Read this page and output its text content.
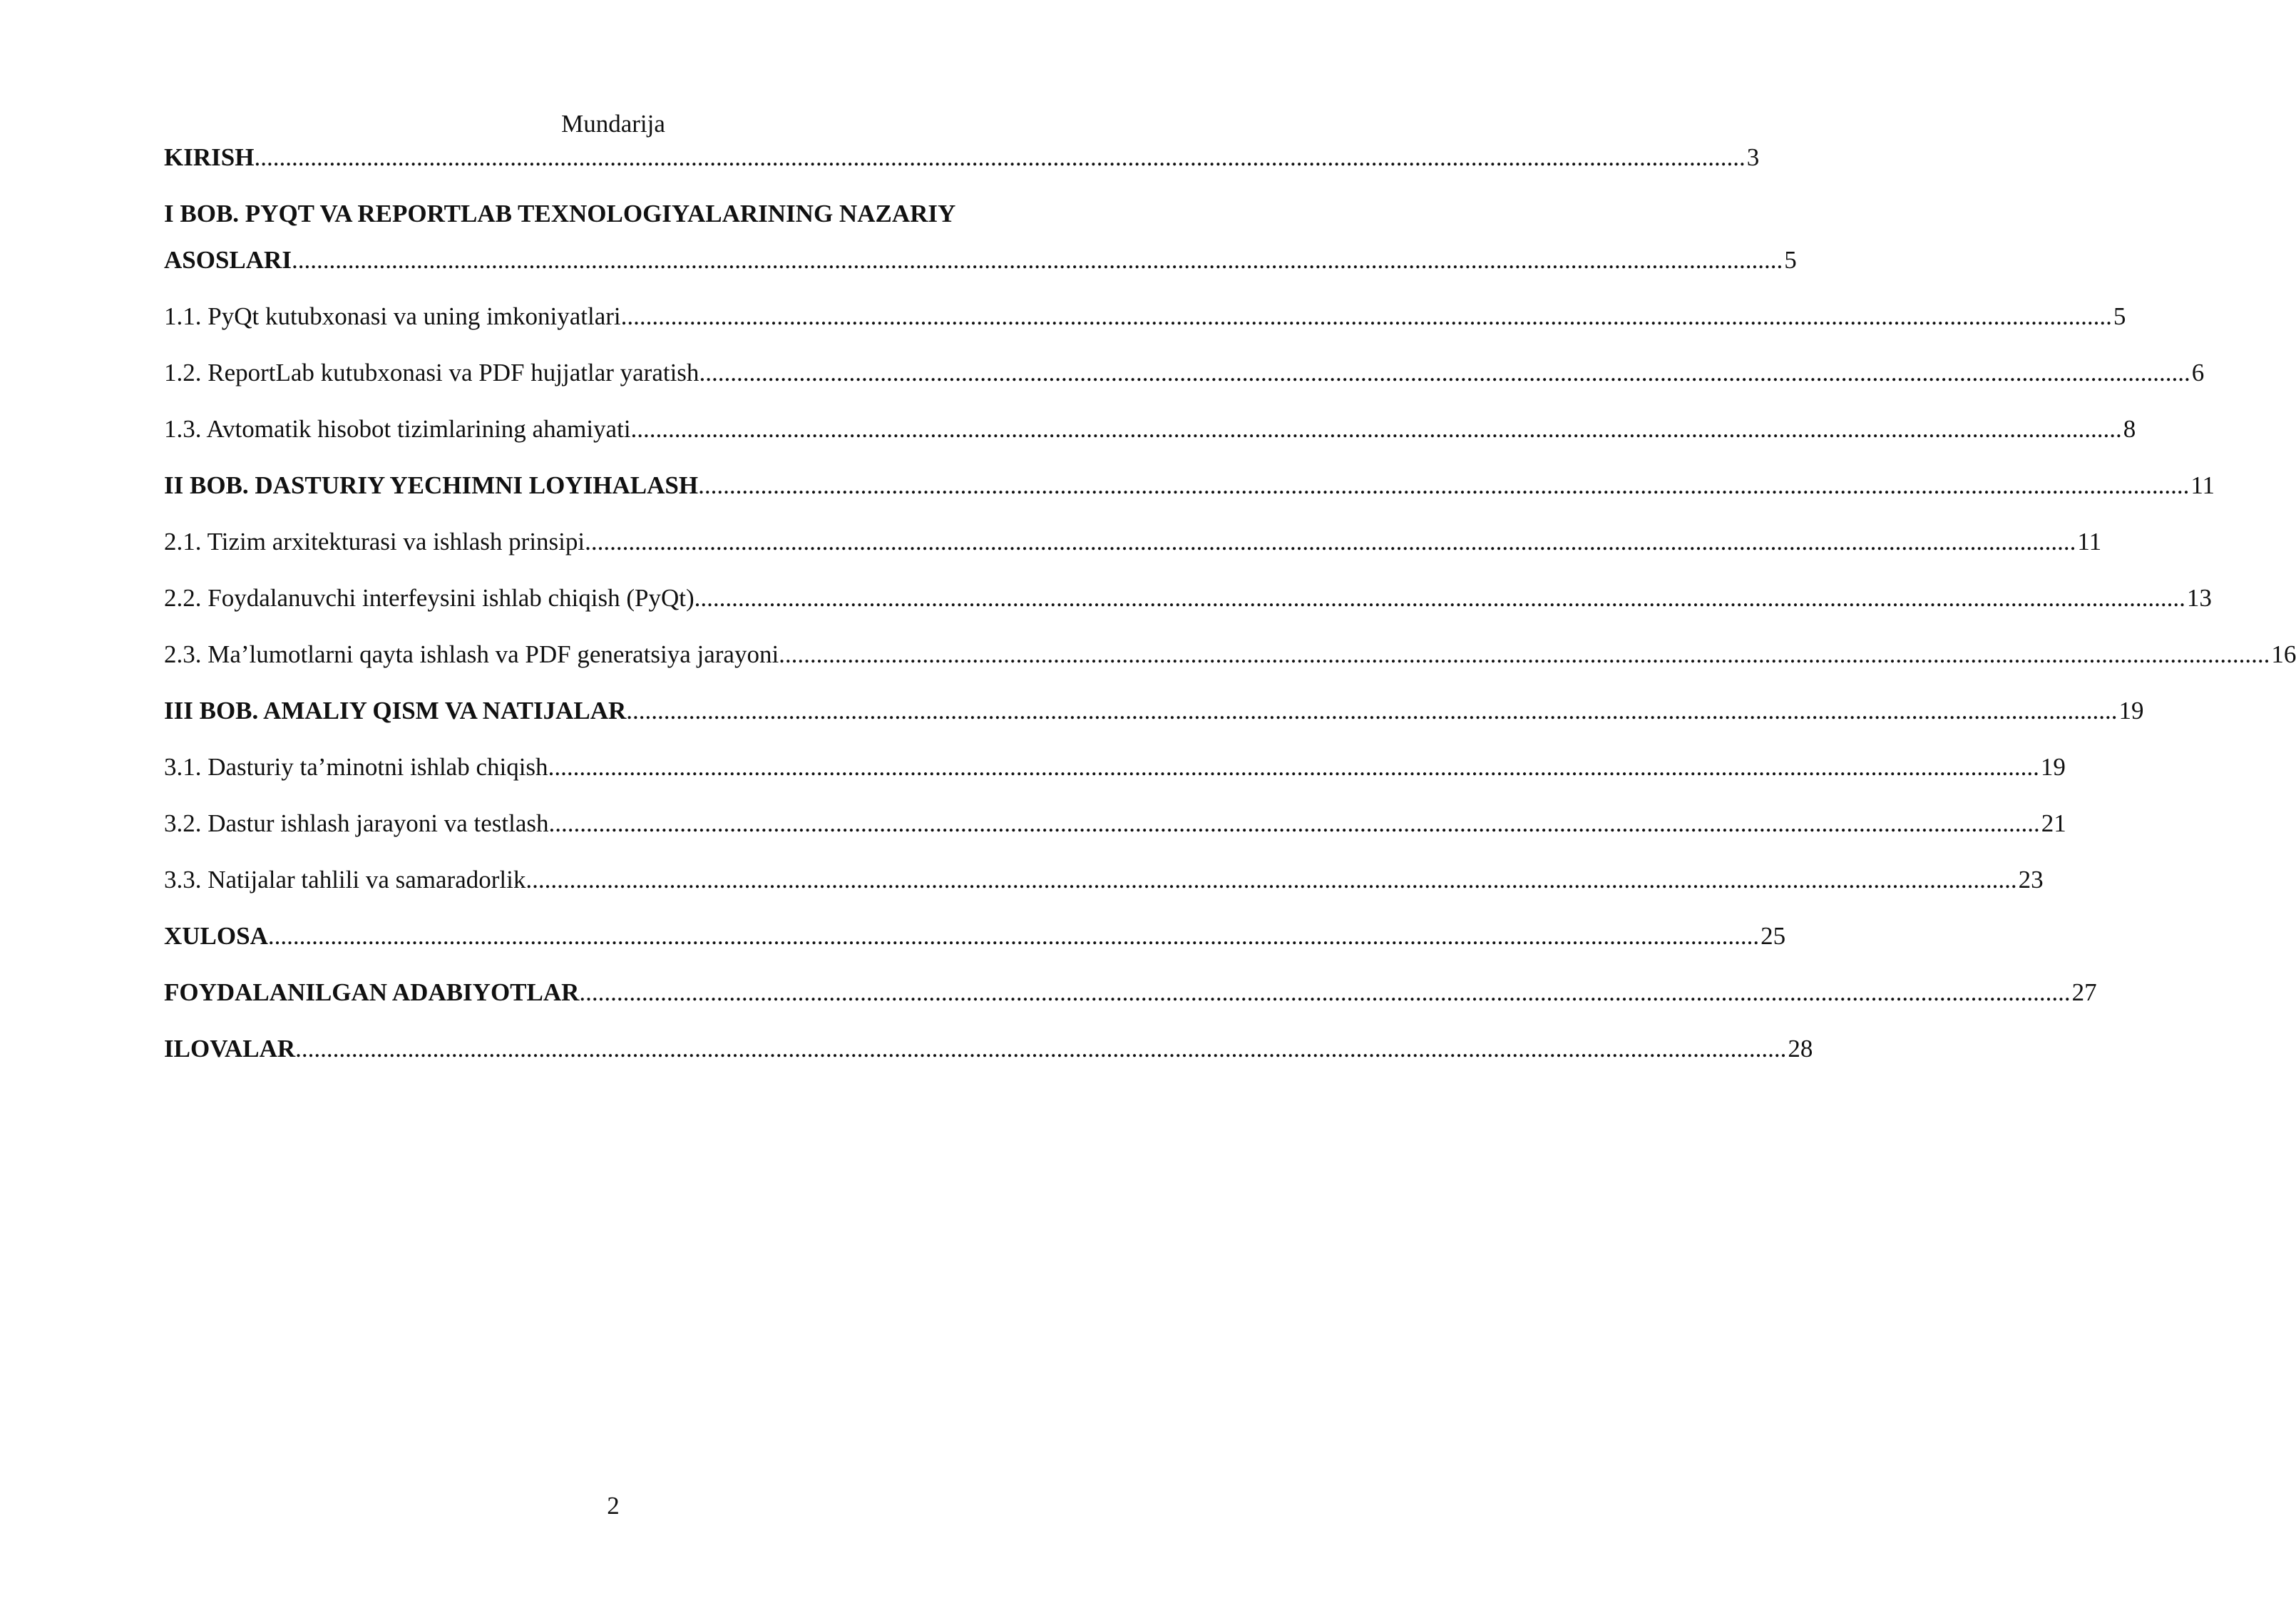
Mundarija
KIRISH ............................................................................................................................................................................................................................................... 3
I BOB. PYQT VA REPORTLAB TEXNOLOGIYALARINING NAZARIY
ASOSLARI ............................................................................................................................................................................................................................................... 5
1.1. PyQt kutubxonasi va uning imkoniyatlari ............................................................................................................................................................................................................................................... 5
1.2. ReportLab kutubxonasi va PDF hujjatlar yaratish ............................................................................................................................................................................................................................................... 6
1.3. Avtomatik hisobot tizimlarining ahamiyati ............................................................................................................................................................................................................................................... 8
II BOB. DASTURIY YECHIMNI LOYIHALASH ............................................................................................................................................................................................................................................... 11
2.1. Tizim arxitekturasi va ishlash prinsipi ............................................................................................................................................................................................................................................... 11
2.2. Foydalanuvchi interfeysini ishlab chiqish (PyQt) ............................................................................................................................................................................................................................................... 13
2.3. Ma’lumotlarni qayta ishlash va PDF generatsiya jarayoni ............................................................................................................................................................................................................................................... 16
III BOB. AMALIY QISM VA NATIJALAR ............................................................................................................................................................................................................................................... 19
3.1. Dasturiy ta’minotni ishlab chiqish ............................................................................................................................................................................................................................................... 19
3.2. Dastur ishlash jarayoni va testlash ............................................................................................................................................................................................................................................... 21
3.3. Natijalar tahlili va samaradorlik ............................................................................................................................................................................................................................................... 23
XULOSA ............................................................................................................................................................................................................................................... 25
FOYDALANILGAN ADABIYOTLAR ............................................................................................................................................................................................................................................... 27
ILOVALAR ............................................................................................................................................................................................................................................... 28
2
